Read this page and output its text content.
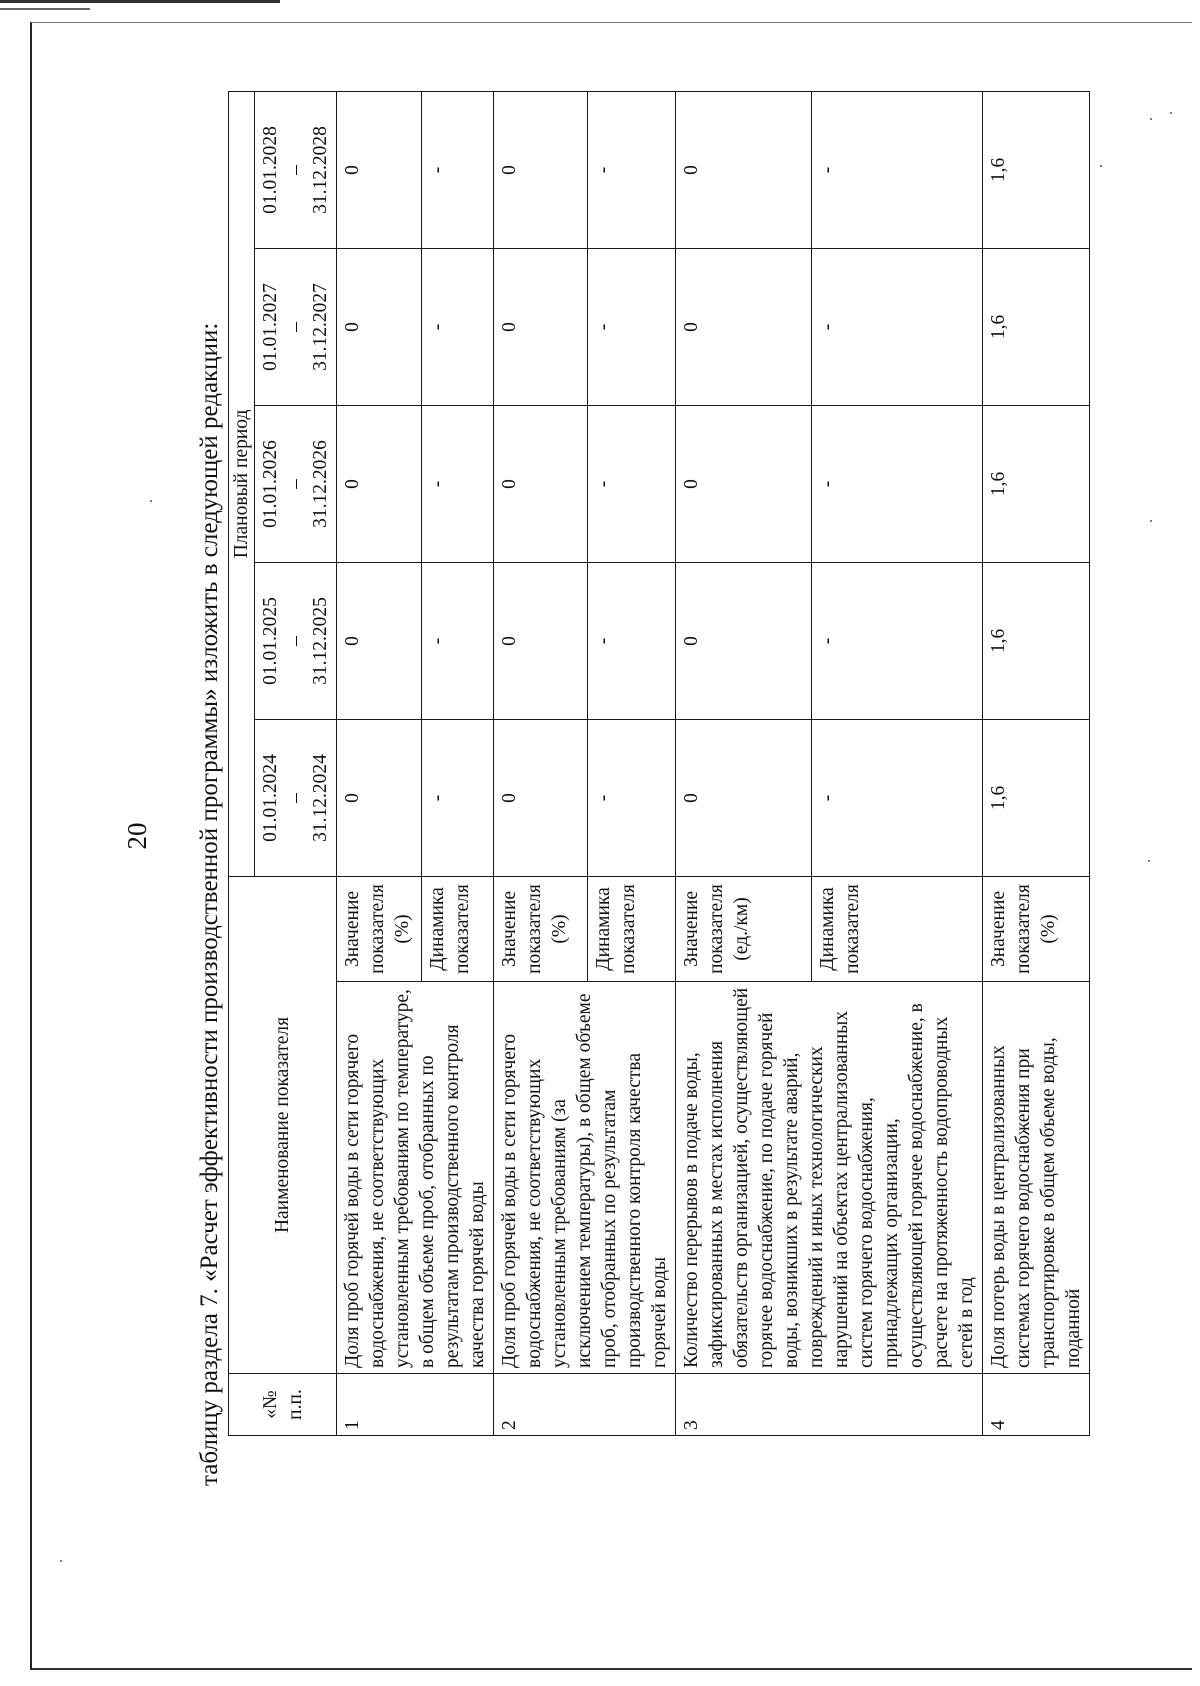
20 таблицу раздела 7. «Расчет эффективности производственной программы» изложить в следующей редакции: «№
п.п.	Наименование показателя		Плановый период				
			01.01.2024 – 31.12.2024	01.01.2025 – 31.12.2025	01.01.2026 – 31.12.2026	01.01.2027 – 31.12.2027	01.01.2028 – 31.12.2028
1	Доля проб горячей воды в сети горячего водоснабжения, не соответствующих установленным требованиям по температуре, в общем объеме проб, отобранных по результатам производственного контроля качества горячей воды	Значение показателя (%)	0	0	0	0	0
		Динамика показателя	-	-	-	-	-
2	Доля проб горячей воды в сети горячего водоснабжения, не соответствующих установленным требованиям (за исключением температуры), в общем объеме проб, отобранных по результатам производственного контроля качества горячей воды	Значение показателя (%)	0	0	0	0	0
		Динамика показателя	-	-	-	-	-
3	Количество перерывов в подаче воды, зафиксированных в местах исполнения обязательств организацией, осуществляющей горячее водоснабжение, по подаче горячей воды, возникших в результате аварий, повреждений и иных технологических нарушений на объектах централизованных систем горячего водоснабжения, принадлежащих организации, осуществляющей горячее водоснабжение, в расчете на протяженность водопроводных сетей в год	Значение показателя (ед./км)	0	0	0	0	0
		Динамика показателя	-	-	-	-	-
4	Доля потерь воды в централизованных системах горячего водоснабжения при транспортировке в общем объеме воды, поданной	Значение показателя (%)	1,6	1,6	1,6	1,6	1,6
